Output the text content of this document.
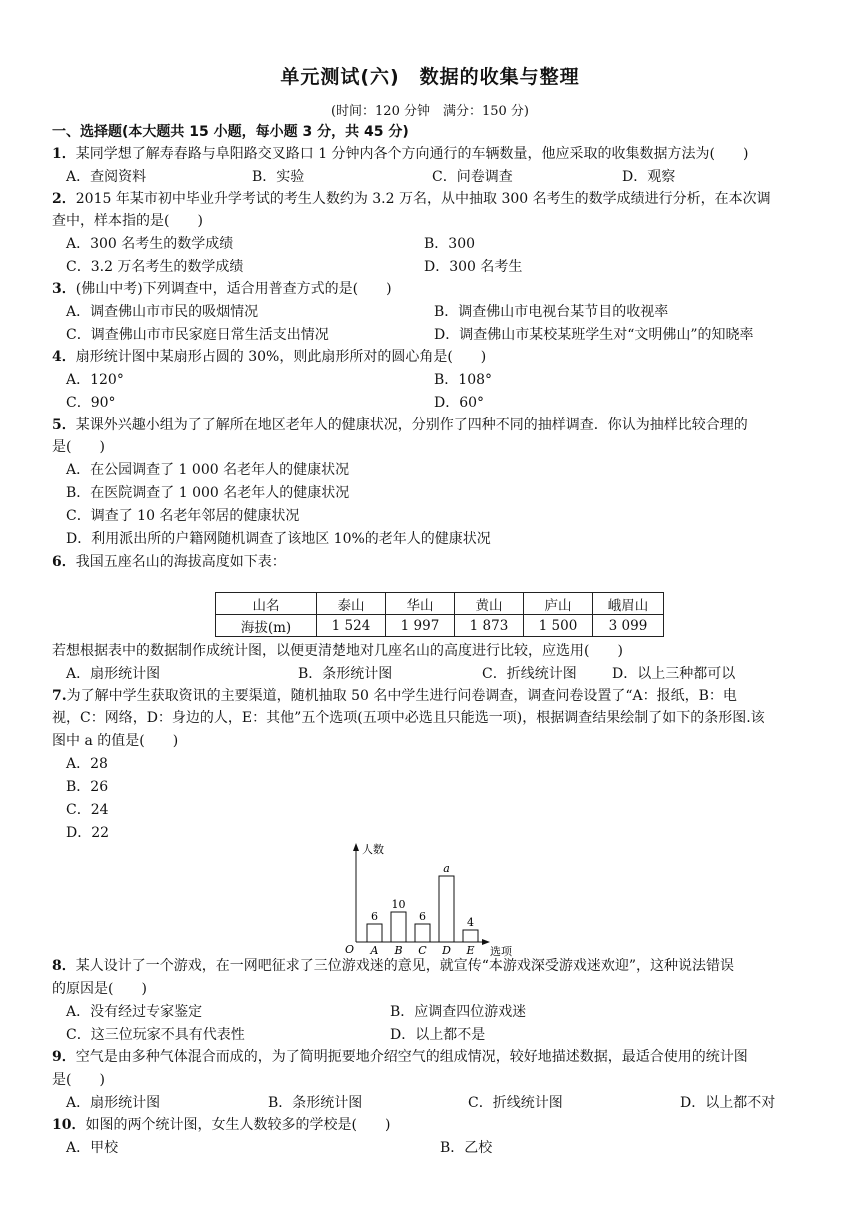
单元测试(六)　数据的收集与整理
(时间：120 分钟　满分：150 分)
一、选择题(本大题共 15 小题，每小题 3 分，共 45 分)
1．某同学想了解寿春路与阜阳路交叉路口 1 分钟内各个方向通行的车辆数量，他应采取的收集数据方法为(　　)
A．查阅资料	B．实验	C．问卷调查	D．观察
2．2015 年某市初中毕业升学考试的考生人数约为 3.2 万名，从中抽取 300 名考生的数学成绩进行分析，在本次调
查中，样本指的是(　　)
A．300 名考生的数学成绩	B．300
C．3.2 万名考生的数学成绩	D．300 名考生
3．(佛山中考)下列调查中，适合用普查方式的是(　　)
A．调查佛山市市民的吸烟情况	B．调查佛山市电视台某节目的收视率
C．调查佛山市市民家庭日常生活支出情况	D．调查佛山市某校某班学生对“文明佛山”的知晓率
4．扇形统计图中某扇形占圆的 30%，则此扇形所对的圆心角是(　　)
A．120°	B．108°
C．90°	D．60°
5．某课外兴趣小组为了了解所在地区老年人的健康状况，分别作了四种不同的抽样调查．你认为抽样比较合理的
是(　　)
A．在公园调查了 1 000 名老年人的健康状况
B．在医院调查了 1 000 名老年人的健康状况
C．调查了 10 名老年邻居的健康状况
D．利用派出所的户籍网随机调查了该地区 10%的老年人的健康状况
6．我国五座名山的海拔高度如下表：
山名	泰山	华山	黄山	庐山	峨眉山
海拔(m)	1 524	1 997	1 873	1 500	3 099
若想根据表中的数据制作成统计图，以便更清楚地对几座名山的高度进行比较，应选用(　　)
A．扇形统计图	B．条形统计图	C．折线统计图	D．以上三种都可以
7.为了解中学生获取资讯的主要渠道，随机抽取 50 名中学生进行问卷调查，调查问卷设置了“A：报纸，B：电
视，C：网络，D：身边的人，E：其他”五个选项(五项中必选且只能选一项)，根据调查结果绘制了如下的条形图.该
图中 a 的值是(　　)
A．28
B．26
C．24
D．22
人数
选项
O
6
A
10
B
6
C
a
D
4
E
8．某人设计了一个游戏，在一网吧征求了三位游戏迷的意见，就宣传“本游戏深受游戏迷欢迎”，这种说法错误
的原因是(　　)
A．没有经过专家鉴定	B．应调查四位游戏迷
C．这三位玩家不具有代表性	D．以上都不是
9．空气是由多种气体混合而成的，为了简明扼要地介绍空气的组成情况，较好地描述数据，最适合使用的统计图
是(　　)
A．扇形统计图	B．条形统计图	C．折线统计图	D．以上都不对
10．如图的两个统计图，女生人数较多的学校是(　　)
A．甲校	B．乙校
